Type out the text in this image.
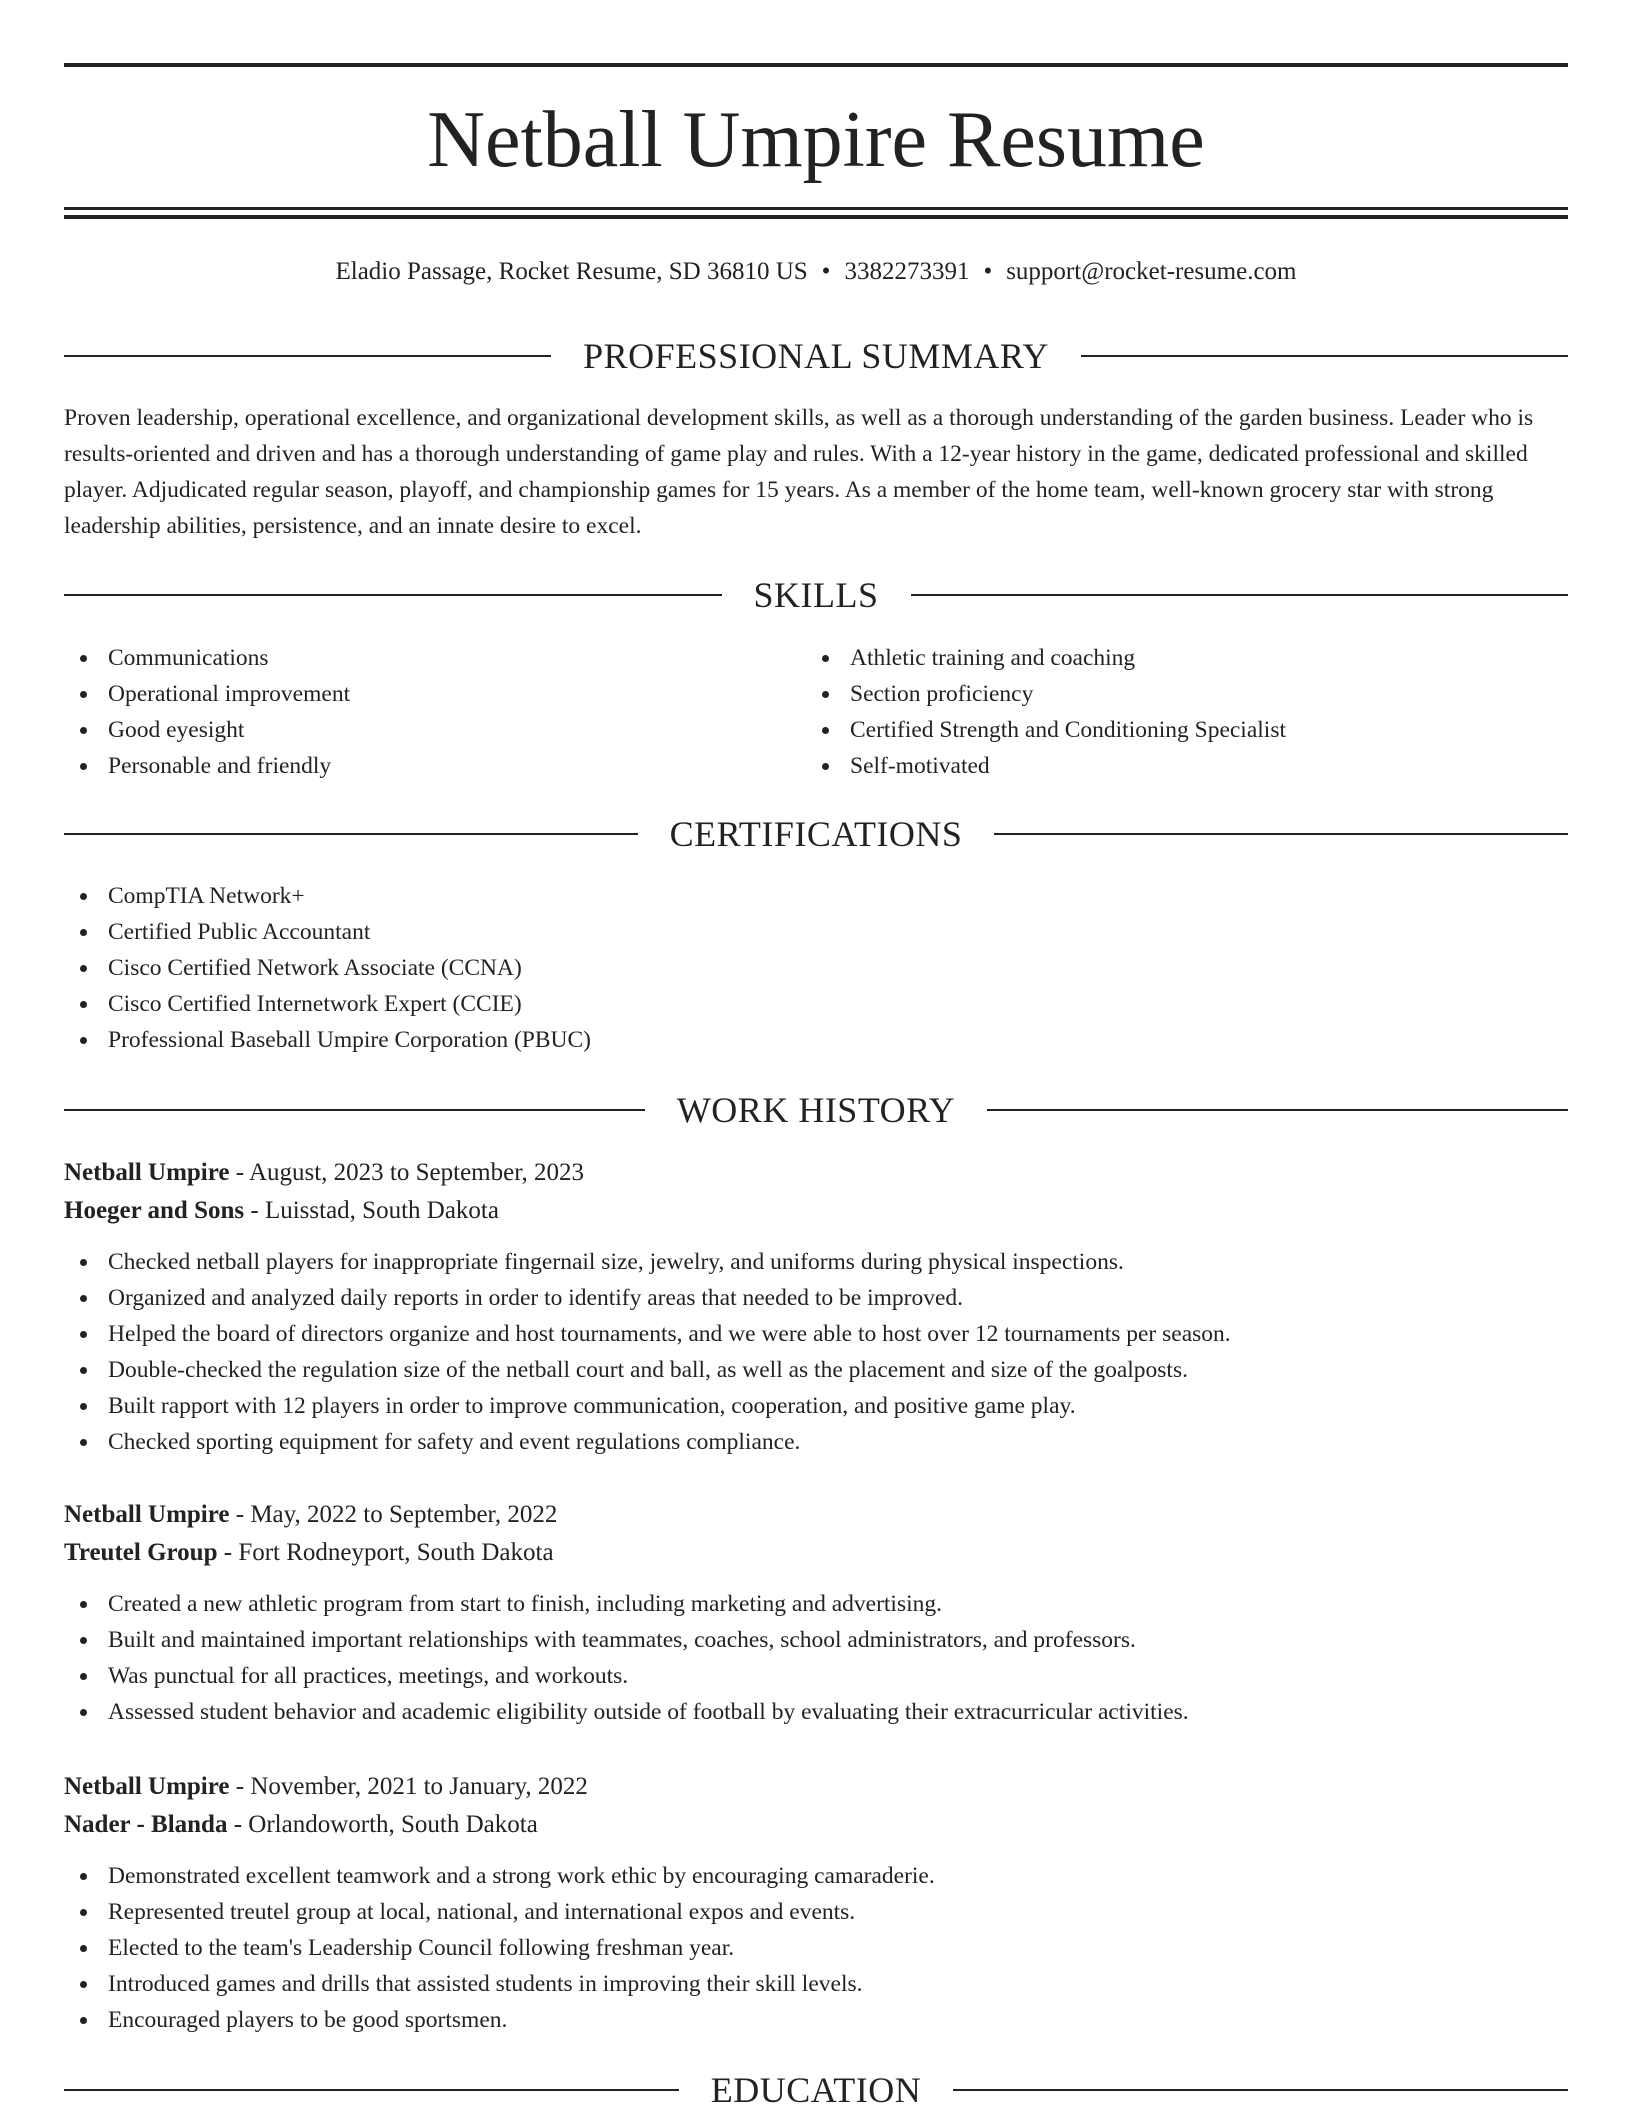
Netball Umpire Resume
Eladio Passage, Rocket Resume, SD 36810 US • 3382273391 • support@rocket-resume.com
PROFESSIONAL SUMMARY

Proven leadership, operational excellence, and organizational development skills, as well as a thorough understanding of the garden business. Leader who is results-oriented and driven and has a thorough understanding of game play and rules. With a 12-year history in the game, dedicated professional and skilled player. Adjudicated regular season, playoff, and championship games for 15 years. As a member of the home team, well-known grocery star with strong leadership abilities, persistence, and an innate desire to excel.

SKILLS
Communications
Operational improvement
Good eyesight
Personable and friendly
Athletic training and coaching
Section proficiency
Certified Strength and Conditioning Specialist
Self-motivated
CERTIFICATIONS
CompTIA Network+
Certified Public Accountant
Cisco Certified Network Associate (CCNA)
Cisco Certified Internetwork Expert (CCIE)
Professional Baseball Umpire Corporation (PBUC)
WORK HISTORY
Netball Umpire - August, 2023 to September, 2023
Hoeger and Sons - Luisstad, South Dakota
Checked netball players for inappropriate fingernail size, jewelry, and uniforms during physical inspections.
Organized and analyzed daily reports in order to identify areas that needed to be improved.
Helped the board of directors organize and host tournaments, and we were able to host over 12 tournaments per season.
Double-checked the regulation size of the netball court and ball, as well as the placement and size of the goalposts.
Built rapport with 12 players in order to improve communication, cooperation, and positive game play.
Checked sporting equipment for safety and event regulations compliance.
Netball Umpire - May, 2022 to September, 2022
Treutel Group - Fort Rodneyport, South Dakota
Created a new athletic program from start to finish, including marketing and advertising.
Built and maintained important relationships with teammates, coaches, school administrators, and professors.
Was punctual for all practices, meetings, and workouts.
Assessed student behavior and academic eligibility outside of football by evaluating their extracurricular activities.
Netball Umpire - November, 2021 to January, 2022
Nader - Blanda - Orlandoworth, South Dakota
Demonstrated excellent teamwork and a strong work ethic by encouraging camaraderie.
Represented treutel group at local, national, and international expos and events.
Elected to the team's Leadership Council following freshman year.
Introduced games and drills that assisted students in improving their skill levels.
Encouraged players to be good sportsmen.
EDUCATION
